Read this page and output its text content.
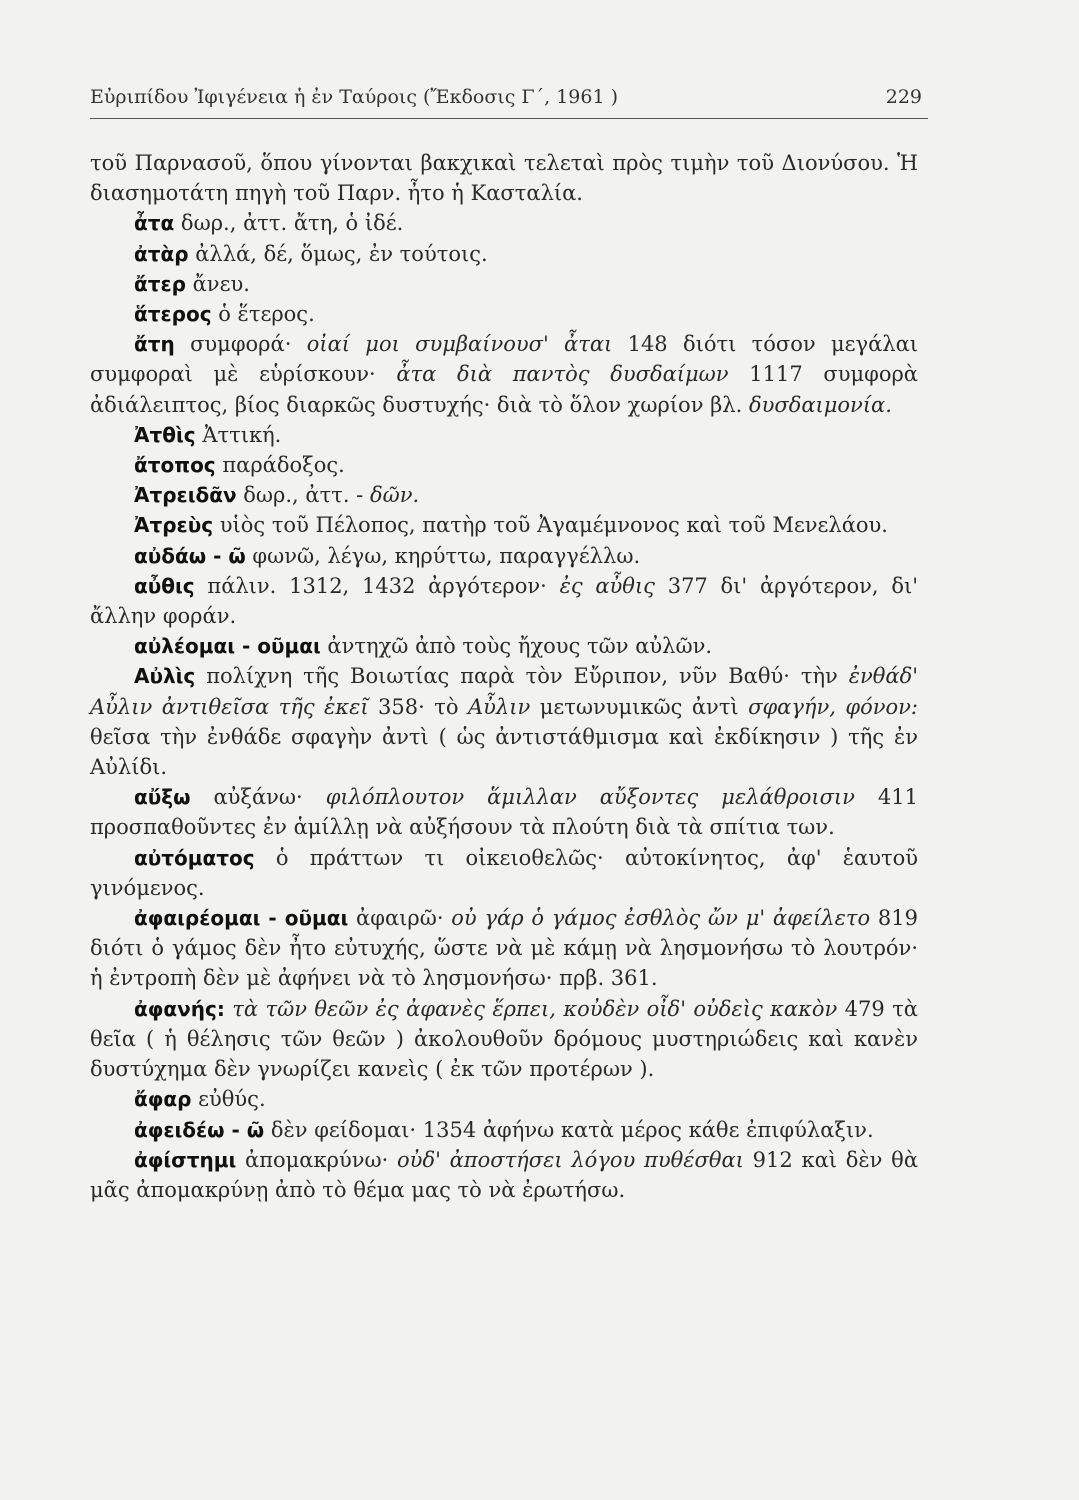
Εὐριπίδου Ἰφιγένεια ἡ ἐν Ταύροις (Ἔκδοσις Γ΄, 1961 )	229

τοῦ Παρνασοῦ, ὅπου γίνονται βακχικαὶ τελεταὶ πρὸς τιμὴν τοῦ Διονύσου. Ἡ διασημοτάτη πηγὴ τοῦ Παρν. ἦτο ἡ Κασταλία.

ἆτα δωρ., ἀττ. ἄτη, ὁ ἰδέ.

ἀτὰρ ἀλλά, δέ, ὅμως, ἐν τούτοις.

ἄτερ ἄνευ.

ἅτερος ὁ ἕτερος.

ἄτη συμφορά· οἰαί μοι συμβαίνουσ' ἆται 148 διότι τόσον μεγάλαι συμφοραὶ μὲ εὑρίσκουν· ἆτα διὰ παντὸς δυσδαίμων 1117 συμφορὰ ἀδιάλειπτος, βίος διαρκῶς δυστυχής· διὰ τὸ ὅλον χωρίον βλ. δυσδαιμονία.

Ἀτθὶς Ἀττική.

ἄτοπος παράδοξος.

Ἀτρειδᾶν δωρ., ἀττ. - δῶν.

Ἀτρεὺς υἱὸς τοῦ Πέλοπος, πατὴρ τοῦ Ἀγαμέμνονος καὶ τοῦ Μενελάου.

αὐδάω - ῶ φωνῶ, λέγω, κηρύττω, παραγγέλλω.

αὖθις πάλιν. 1312, 1432 ἀργότερον· ἐς αὖθις 377 δι' ἀργότερον, δι' ἄλλην φοράν.

αὐλέομαι - οῦμαι ἀντηχῶ ἀπὸ τοὺς ἤχους τῶν αὐλῶν.

Αὐλὶς πολίχνη τῆς Βοιωτίας παρὰ τὸν Εὔριπον, νῦν Βαθύ· τὴν ἐνθάδ' Αὖλιν ἀντιθεῖσα τῆς ἐκεῖ 358· τὸ Αὖλιν μετωνυμικῶς ἀντὶ σφαγήν, φόνον: θεῖσα τὴν ἐνθάδε σφαγὴν ἀντὶ ( ὡς ἀντιστάθμισμα καὶ ἐκδίκησιν ) τῆς ἐν Αὐλίδι.

αὔξω αὐξάνω· φιλόπλουτον ἅμιλλαν αὔξοντες μελάθροισιν 411 προσπαθοῦντες ἐν ἁμίλλῃ νὰ αὐξήσουν τὰ πλούτη διὰ τὰ σπίτια των.

αὐτόματος ὁ πράττων τι οἰκειοθελῶς· αὐτοκίνητος, ἀφ' ἑαυτοῦ γινόμενος.

ἀφαιρέομαι - οῦμαι ἀφαιρῶ· οὐ γάρ ὁ γάμος ἐσθλὸς ὤν μ' ἀφείλετο 819 διότι ὁ γάμος δὲν ἦτο εὐτυχής, ὥστε νὰ μὲ κάμῃ νὰ λησμονήσω τὸ λουτρόν· ἡ ἐντροπὴ δὲν μὲ ἀφήνει νὰ τὸ λησμονήσω· πρβ. 361.

ἀφανής: τὰ τῶν θεῶν ἐς ἀφανὲς ἕρπει, κοὐδὲν οἶδ' οὐδεὶς κακὸν 479 τὰ θεῖα ( ἡ θέλησις τῶν θεῶν ) ἀκολουθοῦν δρόμους μυστηριώδεις καὶ κανὲν δυστύχημα δὲν γνωρίζει κανεὶς ( ἐκ τῶν προτέρων ).

ἄφαρ εὐθύς.

ἀφειδέω - ῶ δὲν φείδομαι· 1354 ἀφήνω κατὰ μέρος κάθε ἐπιφύλαξιν.

ἀφίστημι ἀπομακρύνω· οὐδ' ἀποστήσει λόγου πυθέσθαι 912 καὶ δὲν θὰ μᾶς ἀπομακρύνῃ ἀπὸ τὸ θέμα μας τὸ νὰ ἐρωτήσω.
